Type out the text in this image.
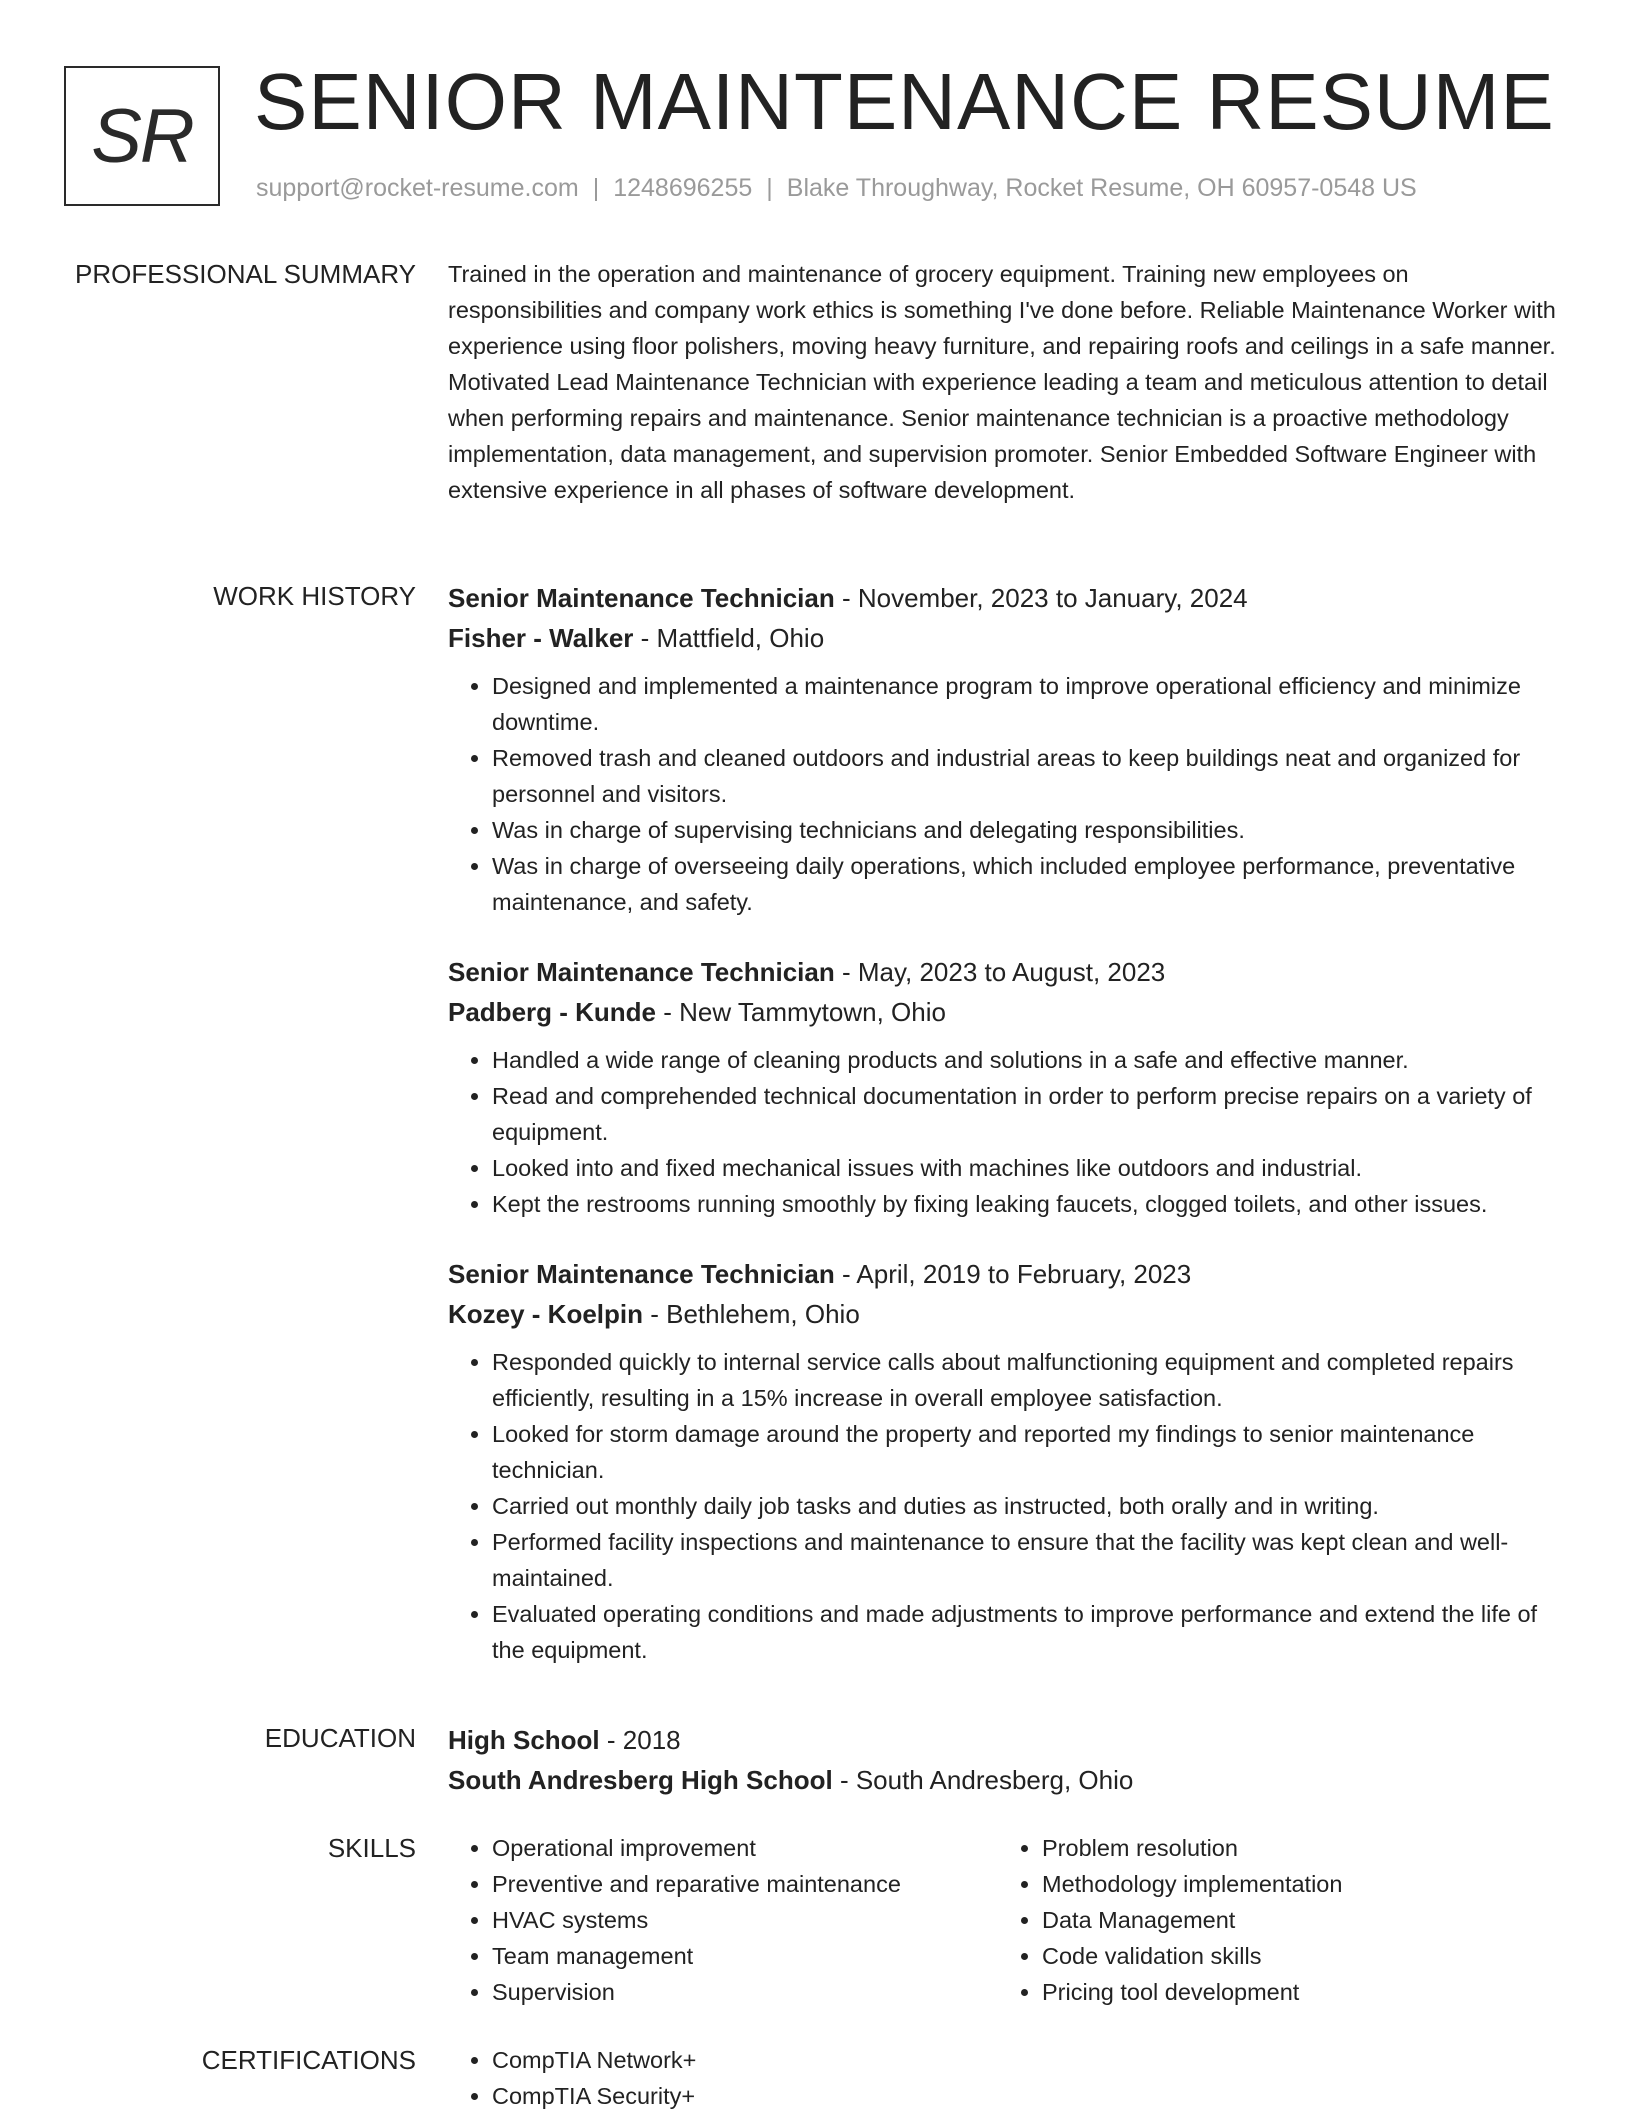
SR SENIOR MAINTENANCE RESUME
support@rocket-resume.com | 1248696255 | Blake Throughway, Rocket Resume, OH 60957-0548 US
PROFESSIONAL SUMMARY Trained in the operation and maintenance of grocery equipment. Training new employees on responsibilities and company work ethics is something I've done before. Reliable Maintenance Worker with experience using floor polishers, moving heavy furniture, and repairing roofs and ceilings in a safe manner. Motivated Lead Maintenance Technician with experience leading a team and meticulous attention to detail when performing repairs and maintenance. Senior maintenance technician is a proactive methodology implementation, data management, and supervision promoter. Senior Embedded Software Engineer with extensive experience in all phases of software development.
WORK HISTORY Senior Maintenance Technician - November, 2023 to January, 2024
Fisher - Walker - Mattfield, Ohio
• Designed and implemented a maintenance program to improve operational efficiency and minimize downtime.
• Removed trash and cleaned outdoors and industrial areas to keep buildings neat and organized for personnel and visitors.
• Was in charge of supervising technicians and delegating responsibilities.
• Was in charge of overseeing daily operations, which included employee performance, preventative maintenance, and safety.
Senior Maintenance Technician - May, 2023 to August, 2023
Padberg - Kunde - New Tammytown, Ohio
• Handled a wide range of cleaning products and solutions in a safe and effective manner.
• Read and comprehended technical documentation in order to perform precise repairs on a variety of equipment.
• Looked into and fixed mechanical issues with machines like outdoors and industrial.
• Kept the restrooms running smoothly by fixing leaking faucets, clogged toilets, and other issues.
Senior Maintenance Technician - April, 2019 to February, 2023
Kozey - Koelpin - Bethlehem, Ohio
• Responded quickly to internal service calls about malfunctioning equipment and completed repairs efficiently, resulting in a 15% increase in overall employee satisfaction.
• Looked for storm damage around the property and reported my findings to senior maintenance technician.
• Carried out monthly daily job tasks and duties as instructed, both orally and in writing.
• Performed facility inspections and maintenance to ensure that the facility was kept clean and well-maintained.
• Evaluated operating conditions and made adjustments to improve performance and extend the life of the equipment.
EDUCATION High School - 2018
South Andresberg High School - South Andresberg, Ohio
SKILLS	• Operational improvement
• Preventive and reparative maintenance
• HVAC systems
• Team management
• Supervision
• Problem resolution
• Methodology implementation
• Data Management
• Code validation skills
• Pricing tool development
CERTIFICATIONS	• CompTIA Network+
• CompTIA Security+
